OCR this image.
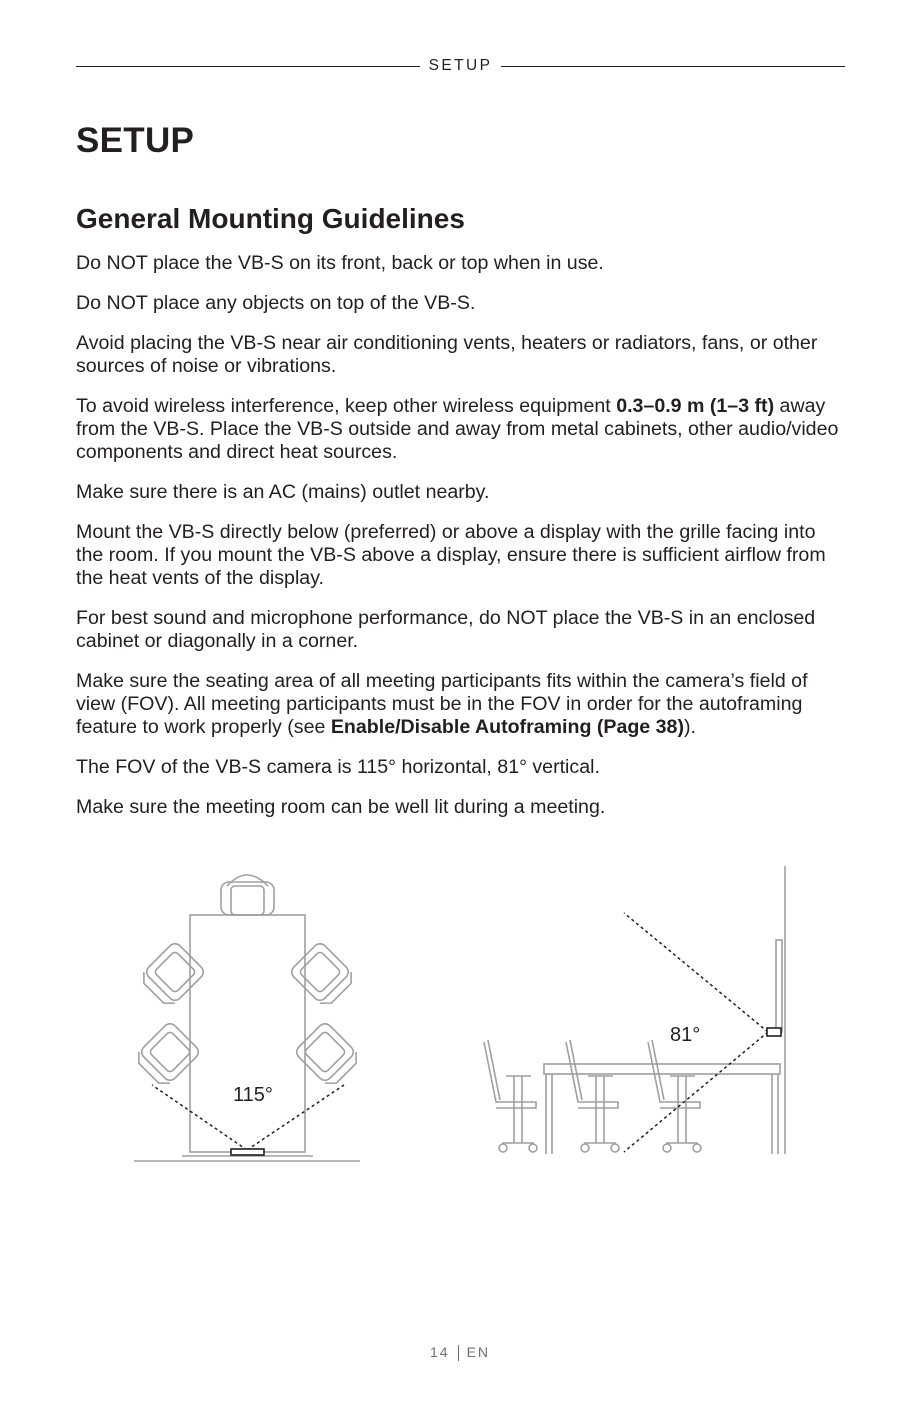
SETUP
SETUP
General Mounting Guidelines

Do NOT place the VB-S on its front, back or top when in use.

Do NOT place any objects on top of the VB-S.

Avoid placing the VB-S near air conditioning vents, heaters or radiators, fans, or other sources of noise or vibrations.

To avoid wireless interference, keep other wireless equipment 0.3–0.9 m (1–3 ft) away from the VB-S. Place the VB-S outside and away from metal cabinets, other audio/video components and direct heat sources.

Make sure there is an AC (mains) outlet nearby.

Mount the VB-S directly below (preferred) or above a display with the grille facing into the room. If you mount the VB-S above a display, ensure there is sufficient airflow from the heat vents of the display.

For best sound and microphone performance, do NOT place the VB-S in an enclosed cabinet or diagonally in a corner.

Make sure the seating area of all meeting participants fits within the camera’s field of view (FOV). All meeting participants must be in the FOV in order for the autoframing feature to work properly (see Enable/Disable Autoframing (Page 38)).

The FOV of the VB-S camera is 115° horizontal, 81° vertical.

Make sure the meeting room can be well lit during a meeting.

115°
81°
14 EN
